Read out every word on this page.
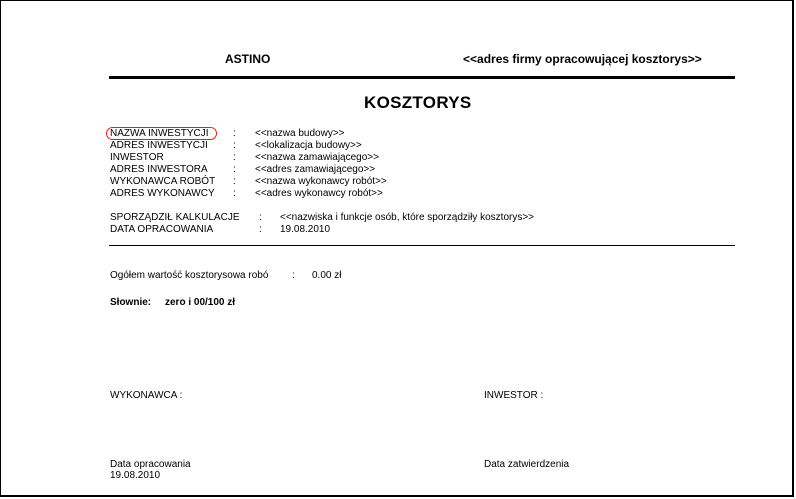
ASTINO	<<adres firmy opracowującej kosztorys>>
KOSZTORYS
NAZWA INWESTYCJI : <<nazwa budowy>>
ADRES INWESTYCJI	: <<lokalizacja budowy>>
INWESTOR	: <<nazwa zamawiającego>>
ADRES INWESTORA	: <<adres zamawiającego>>
WYKONAWCA ROBÓT : <<nazwa wykonawcy robót>>
ADRES WYKONAWCY : <<adres wykonawcy robót>>
SPORZĄDZIŁ KALKULACJE : <<nazwiska i funkcje osób, które sporządziły kosztorys>>
DATA OPRACOWANIA	: 19.08.2010
Ogółem wartość kosztorysowa robó	: 0.00 zł
Słownie: zero i 00/100 zł
WYKONAWCA :	INWESTOR :
Data opracowania
19.08.2010
Data zatwierdzenia
